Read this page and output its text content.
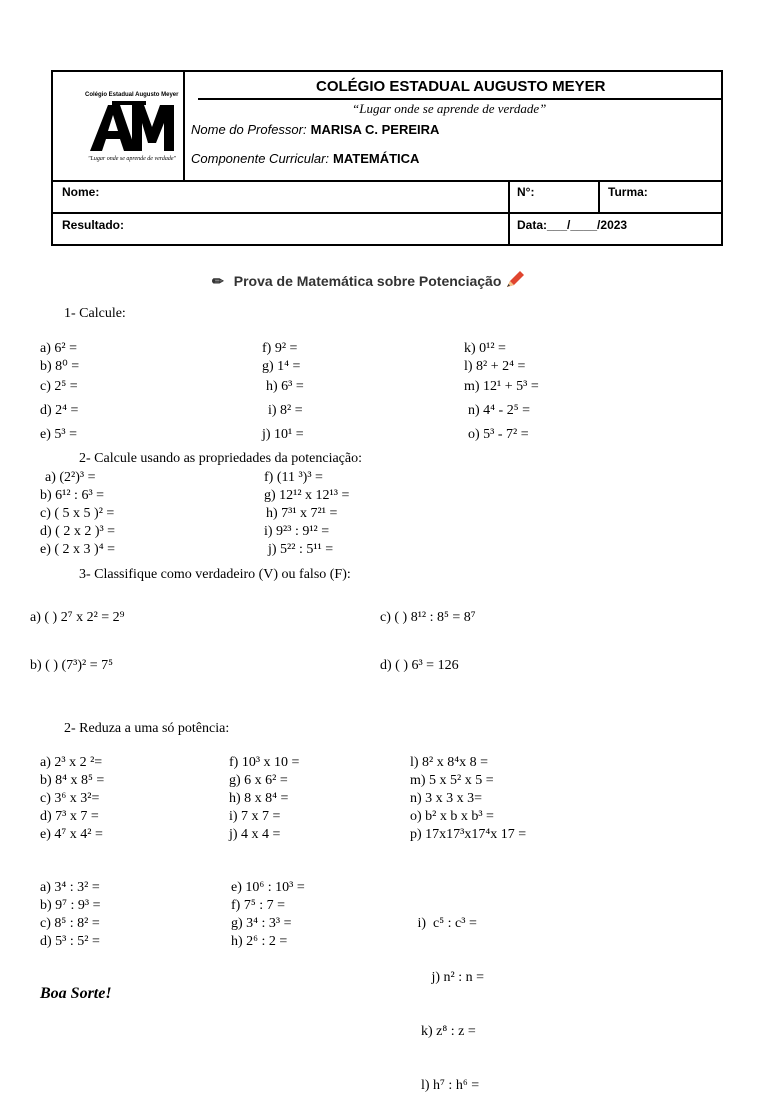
Colégio Estadual Augusto Meyer
"Lugar onde se aprende de verdade"
COLÉGIO ESTADUAL AUGUSTO MEYER
“Lugar onde se aprende de verdade”
Nome do Professor: MARISA C. PEREIRA
Componente Curricular: MATEMÁTICA
Nome:	N°:	Turma:
Resultado:	Data:___/____/2023
✏ Prova de Matemática sobre Potenciação
1- Calcule:
a) 6² =
b) 8⁰ =
c) 2⁵ =
d) 2⁴ =
e) 5³ =
f) 9² =
g) 1⁴ =
h) 6³ =
i) 8² =
j) 10¹ =
k) 0¹² =
l) 8² + 2⁴ =
m) 12¹ + 5³ =
n) 4⁴ - 2⁵ =
o) 5³ - 7² =
2- Calcule usando as propriedades da potenciação:
a) (2²)³ =
b) 6¹² : 6³ =
c) ( 5 x 5 )² =
d) ( 2 x 2 )³ =
e) ( 2 x 3 )⁴ =
f) (11 ³)³ =
g) 12¹² x 12¹³ =
h) 7³¹ x 7²¹ =
i) 9²³ : 9¹² =
j) 5²² : 5¹¹ =
3- Classifique como verdadeiro (V) ou falso (F):
a) ( ) 2⁷ x 2² = 2⁹	c) ( ) 8¹² : 8⁵ = 8⁷
b) ( ) (7³)² = 7⁵	d) ( ) 6³ = 126
2- Reduza a uma só potência:
a) 2³ x 2 ²=
b) 8⁴ x 8⁵ =
c) 3⁶ x 3²=
d) 7³ x 7 =
e) 4⁷ x 4² =
f) 10³ x 10 =
g) 6 x 6² =
h) 8 x 8⁴ =
i) 7 x 7 =
j) 4 x 4 =
l) 8² x 8⁴x 8 =
m) 5 x 5² x 5 =
n) 3 x 3 x 3=
o) b² x b x b³ =
p) 17x17³x17⁴x 17 =
a) 3⁴ : 3² =
b) 9⁷ : 9³ =
c) 8⁵ : 8² =
d) 5³ : 5² =
e) 10⁶ : 10³ =
f) 7⁵ : 7 =
g) 3⁴ : 3³ =
h) 2⁶ : 2 =

i)  c⁵ : c³ =

j) n² : n =

k) z⁸ : z =

l) h⁷ : h⁶ =

Boa Sorte!
